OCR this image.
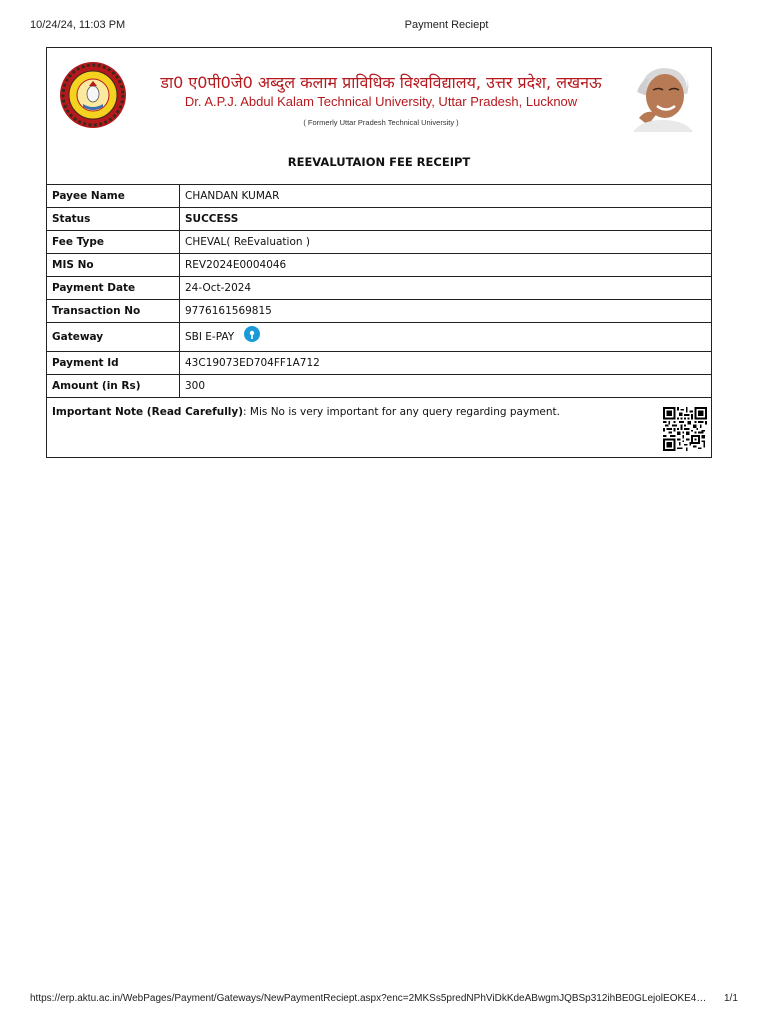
10/24/24, 11:03 PM	Payment Reciept
डा0 ए0पी0जे0 अब्दुल कलाम प्राविधिक विश्वविद्यालय, उत्तर प्रदेश, लखनऊ
Dr. A.P.J. Abdul Kalam Technical University, Uttar Pradesh, Lucknow
( Formerly Uttar Pradesh Technical University )
REEVALUTAION FEE RECEIPT
Payee Name	CHANDAN KUMAR
Status	SUCCESS
Fee Type	CHEVAL( ReEvaluation )
MIS No	REV2024E0004046
Payment Date	24-Oct-2024
Transaction No	9776161569815
Gateway	SBI E-PAY
Payment Id	43C19073ED704FF1A712
Amount (in Rs)	300
Important Note (Read Carefully): Mis No is very important for any query regarding payment.
https://erp.aktu.ac.in/WebPages/Payment/Gateways/NewPaymentReciept.aspx?enc=2MKSs5predNPhViDkKdeABwgmJQBSp312ihBE0GLejolEOKE4… 1/1
